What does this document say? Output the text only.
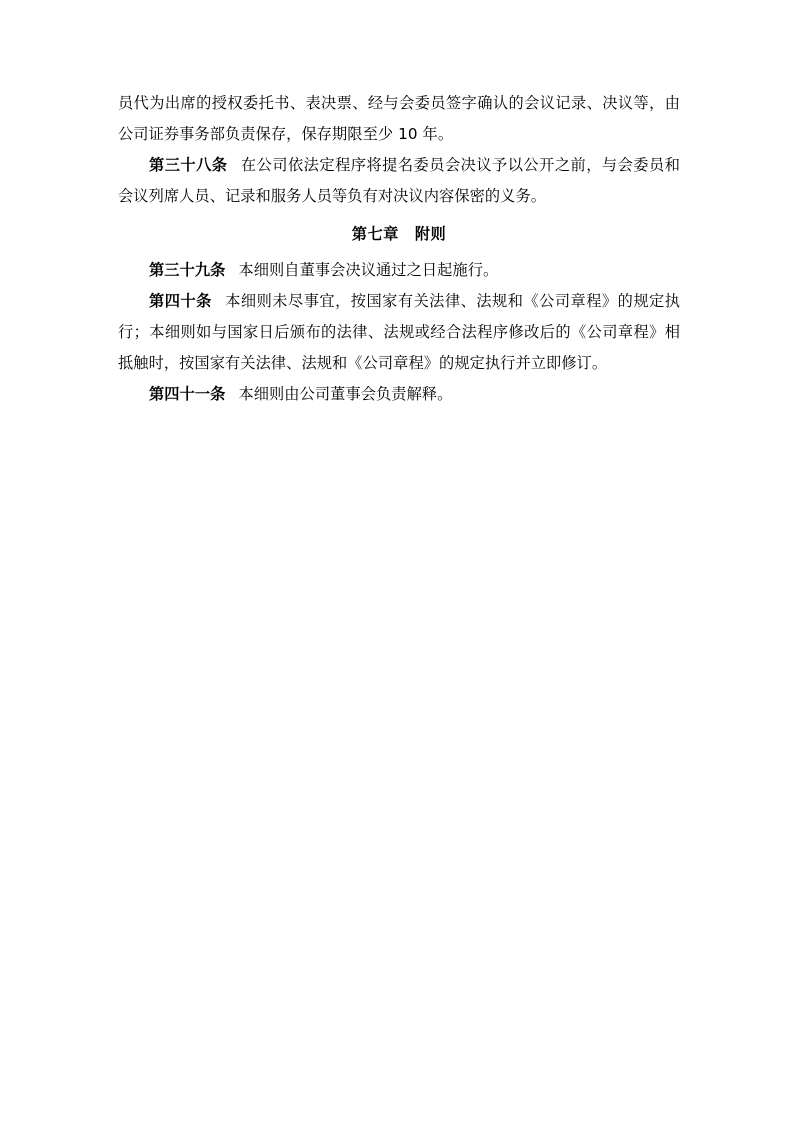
员代为出席的授权委托书、表决票、经与会委员签字确认的会议记录、决议等，由公司证券事务部负责保存，保存期限至少 10 年。

第三十八条 在公司依法定程序将提名委员会决议予以公开之前，与会委员和会议列席人员、记录和服务人员等负有对决议内容保密的义务。

第七章 附则

第三十九条 本细则自董事会决议通过之日起施行。

第四十条 本细则未尽事宜，按国家有关法律、法规和《公司章程》的规定执行；本细则如与国家日后颁布的法律、法规或经合法程序修改后的《公司章程》相抵触时，按国家有关法律、法规和《公司章程》的规定执行并立即修订。

第四十一条 本细则由公司董事会负责解释。
